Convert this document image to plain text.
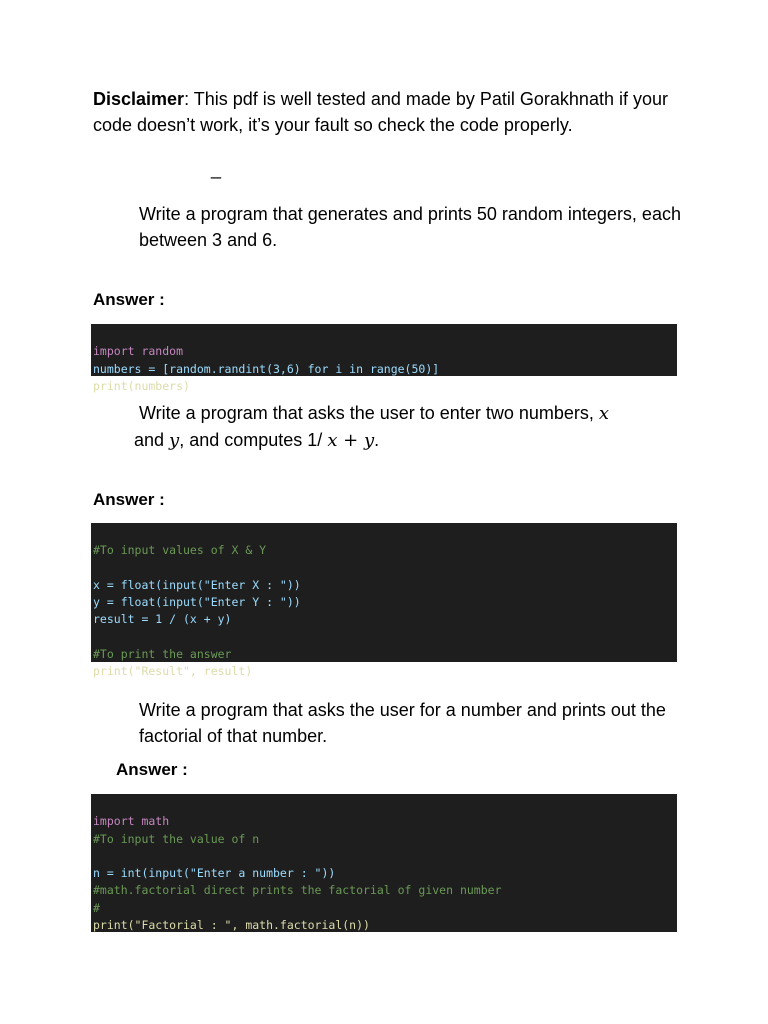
Disclaimer: This pdf is well tested and made by Patil Gorakhnath if your code doesn’t work, it’s your fault so check the code properly.
_
Write a program that generates and prints 50 random integers, each between 3 and 6.
Answer :

import random
numbers = [random.randint(3,6) for i in range(50)]
print(numbers)

Write a program that asks the user to enter two numbers, x
and y, and computes 1/ x + y.
Answer :

#To input values of X & Y
x = float(input("Enter X : "))
y = float(input("Enter Y : "))
result = 1 / (x + y)
#To print the answer
print("Result", result)

Write a program that asks the user for a number and prints out the factorial of that number.
Answer :

import math
#To input the value of n
n = int(input("Enter a number : "))
#math.factorial direct prints the factorial of given number
#
print("Factorial : ", math.factorial(n))
